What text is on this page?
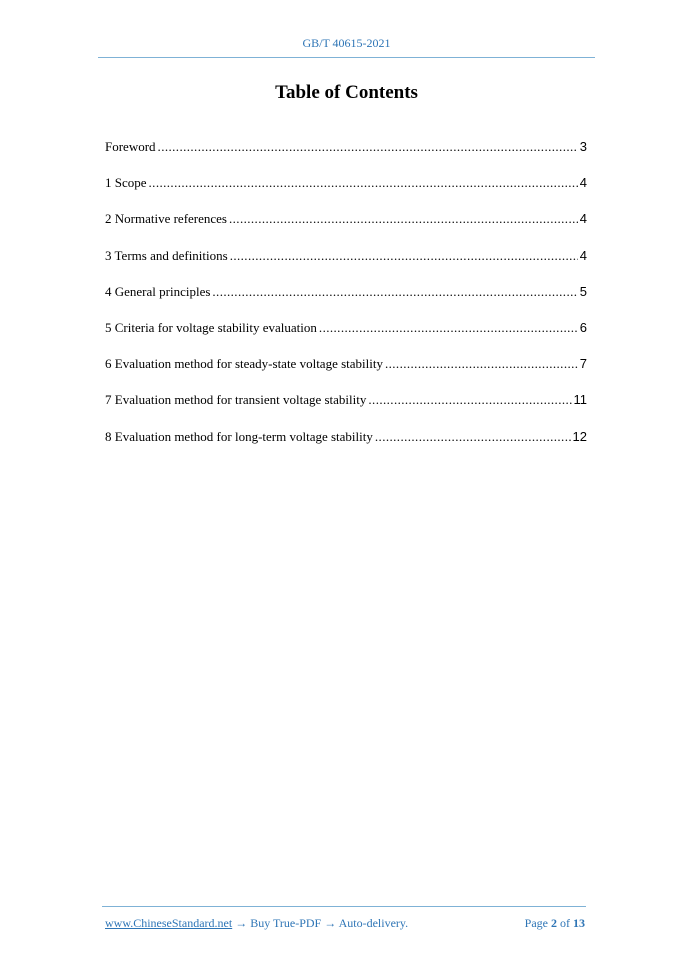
GB/T 40615-2021
Table of Contents
Foreword .....	3
1 Scope .....	4
2 Normative references .....	4
3 Terms and definitions .....	4
4 General principles .....	5
5 Criteria for voltage stability evaluation .....	6
6 Evaluation method for steady-state voltage stability .....	7
7 Evaluation method for transient voltage stability .....	11
8 Evaluation method for long-term voltage stability .....	12
www.ChineseStandard.net → Buy True-PDF → Auto-delivery.	Page 2 of 13
